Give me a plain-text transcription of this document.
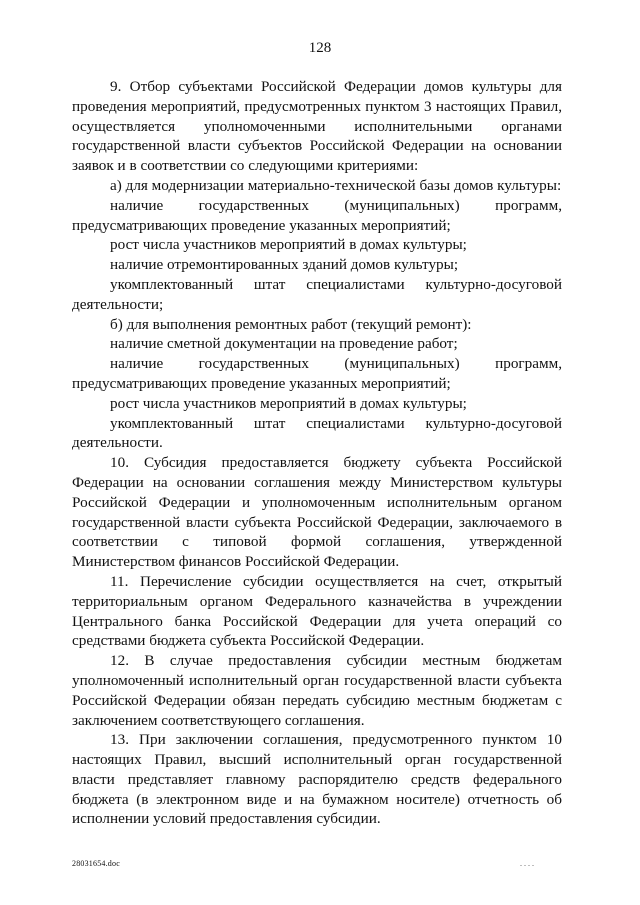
128

9. Отбор субъектами Российской Федерации домов культуры для проведения мероприятий, предусмотренных пунктом 3 настоящих Правил, осуществляется уполномоченными исполнительными органами государственной власти субъектов Российской Федерации на основании заявок и в соответствии со следующими критериями:

а) для модернизации материально-технической базы домов культуры:

наличие государственных (муниципальных) программ, предусматривающих проведение указанных мероприятий;

рост числа участников мероприятий в домах культуры;

наличие отремонтированных зданий домов культуры;

укомплектованный штат специалистами культурно-досуговой деятельности;

б) для выполнения ремонтных работ (текущий ремонт):

наличие сметной документации на проведение работ;

наличие государственных (муниципальных) программ, предусматривающих проведение указанных мероприятий;

рост числа участников мероприятий в домах культуры;

укомплектованный штат специалистами культурно-досуговой деятельности.

10. Субсидия предоставляется бюджету субъекта Российской Федерации на основании соглашения между Министерством культуры Российской Федерации и уполномоченным исполнительным органом государственной власти субъекта Российской Федерации, заключаемого в соответствии с типовой формой соглашения, утвержденной Министерством финансов Российской Федерации.

11. Перечисление субсидии осуществляется на счет, открытый территориальным органом Федерального казначейства в учреждении Центрального банка Российской Федерации для учета операций со средствами бюджета субъекта Российской Федерации.

12. В случае предоставления субсидии местным бюджетам уполномоченный исполнительный орган государственной власти субъекта Российской Федерации обязан передать субсидию местным бюджетам с заключением соответствующего соглашения.

13. При заключении соглашения, предусмотренного пунктом 10 настоящих Правил, высший исполнительный орган государственной власти представляет главному распорядителю средств федерального бюджета (в электронном виде и на бумажном носителе) отчетность об исполнении условий предоставления субсидии.

28031654.doc	. . . .
